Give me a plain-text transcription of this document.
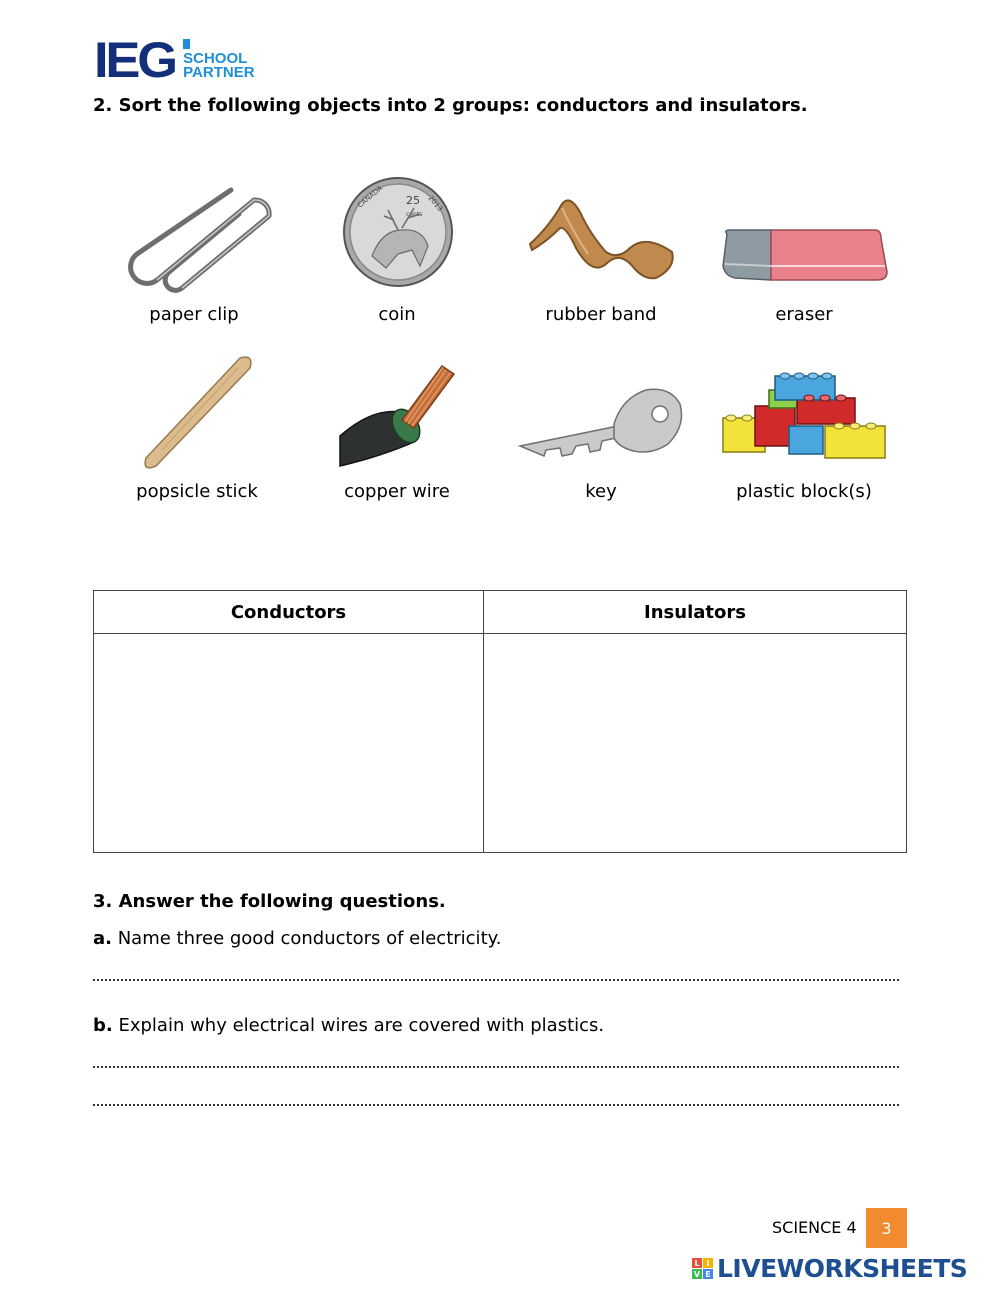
IEG SCHOOL
PARTNER
2. Sort the following objects into 2 groups: conductors and insulators.
paper clip
25
cents
CANADA	2013
coin	rubber band	eraser
popsicle stick	copper wire	key	plastic block(s)
Conductors	Insulators

3. Answer the following questions.

a. Name three good conductors of electricity.

b. Explain why electrical wires are covered with plastics.

SCIENCE 4	3
L I
V E LIVEWORKSHEETS
